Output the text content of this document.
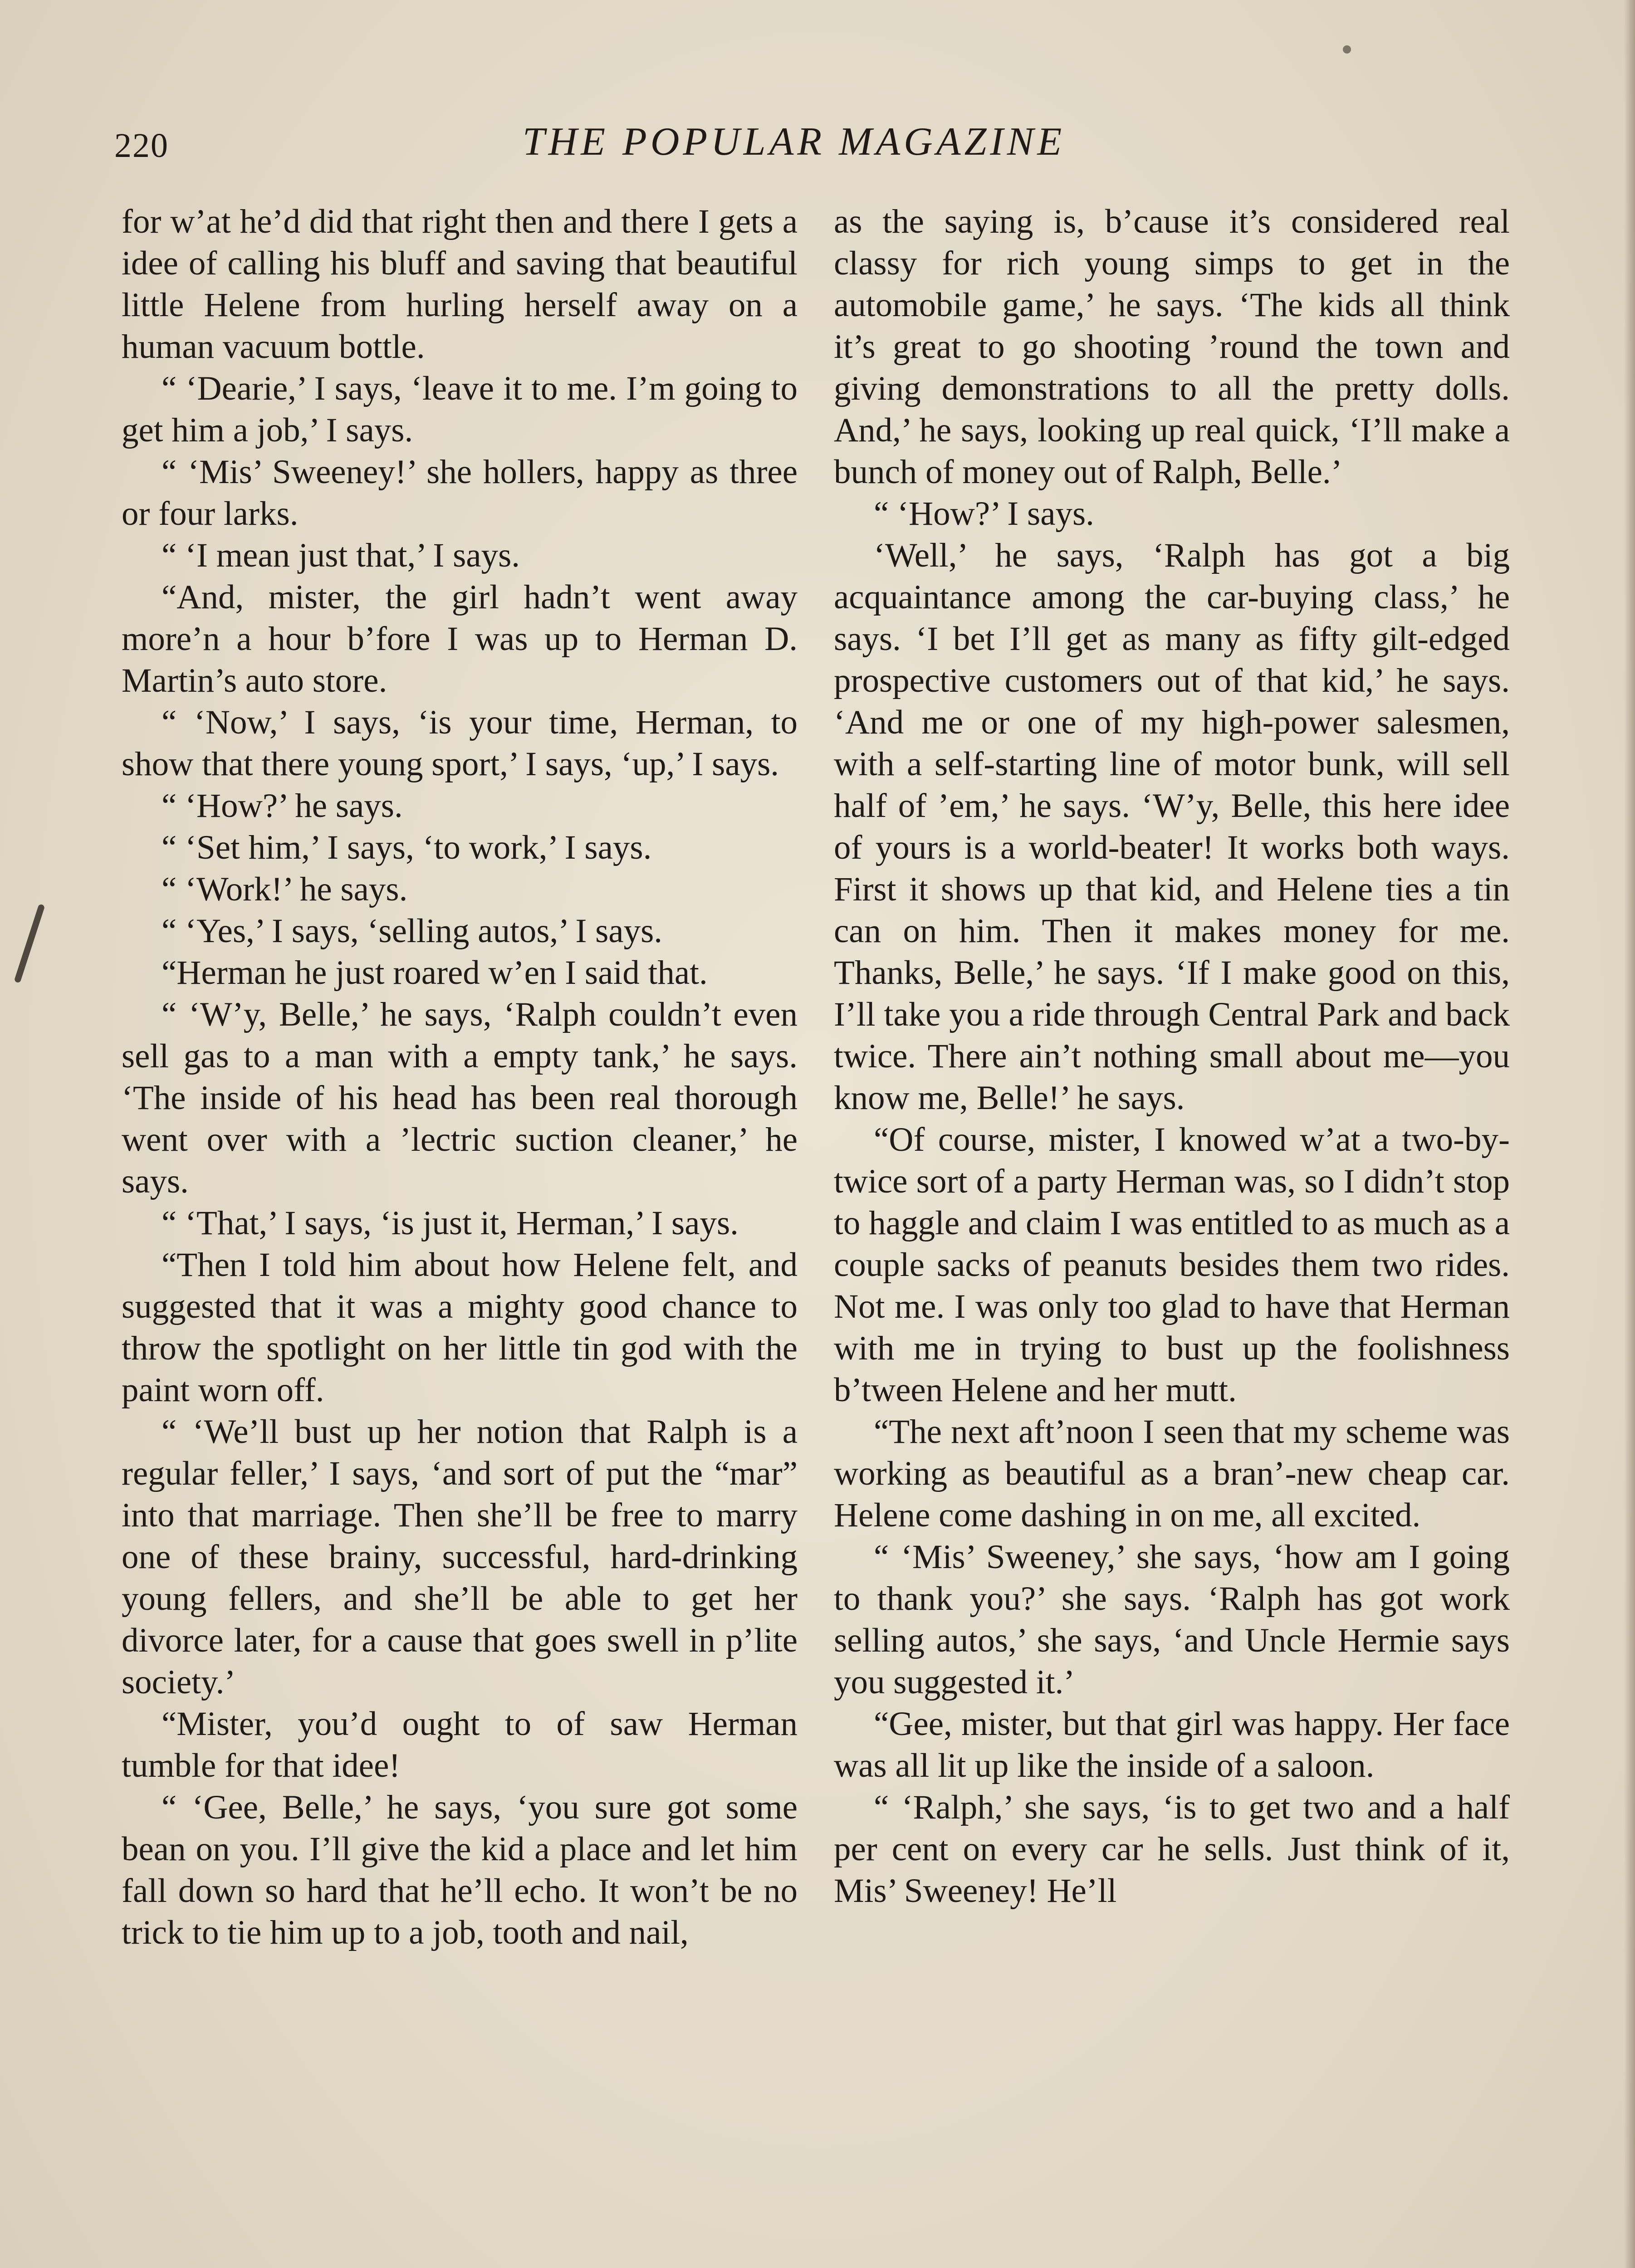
220	THE POPULAR MAGAZINE

for w’at he’d did that right then and there I gets a idee of calling his bluff and saving that beautiful little Helene from hurling herself away on a human vacuum bottle.

“ ‘Dearie,’ I says, ‘leave it to me. I’m going to get him a job,’ I says.

“ ‘Mis’ Sweeney!’ she hollers, happy as three or four larks.

“ ‘I mean just that,’ I says.

“And, mister, the girl hadn’t went away more’n a hour b’fore I was up to Herman D. Martin’s auto store.

“ ‘Now,’ I says, ‘is your time, Herman, to show that there young sport,’ I says, ‘up,’ I says.

“ ‘How?’ he says.

“ ‘Set him,’ I says, ‘to work,’ I says.

“ ‘Work!’ he says.

“ ‘Yes,’ I says, ‘selling autos,’ I says.

“Herman he just roared w’en I said that.

“ ‘W’y, Belle,’ he says, ‘Ralph couldn’t even sell gas to a man with a empty tank,’ he says. ‘The inside of his head has been real thorough went over with a ’lectric suction cleaner,’ he says.

“ ‘That,’ I says, ‘is just it, Herman,’ I says.

“Then I told him about how Helene felt, and suggested that it was a mighty good chance to throw the spotlight on her little tin god with the paint worn off.

“ ‘We’ll bust up her notion that Ralph is a regular feller,’ I says, ‘and sort of put the “mar” into that marriage. Then she’ll be free to marry one of these brainy, successful, hard-drinking young fellers, and she’ll be able to get her divorce later, for a cause that goes swell in p’lite society.’

“Mister, you’d ought to of saw Herman tumble for that idee!

“ ‘Gee, Belle,’ he says, ‘you sure got some bean on you. I’ll give the kid a place and let him fall down so hard that he’ll echo. It won’t be no trick to tie him up to a job, tooth and nail,

as the saying is, b’cause it’s considered real classy for rich young simps to get in the automobile game,’ he says. ‘The kids all think it’s great to go shooting ’round the town and giving demonstrations to all the pretty dolls. And,’ he says, looking up real quick, ‘I’ll make a bunch of money out of Ralph, Belle.’

“ ‘How?’ I says.

‘Well,’ he says, ‘Ralph has got a big acquaintance among the car-buying class,’ he says. ‘I bet I’ll get as many as fifty gilt-edged prospective customers out of that kid,’ he says. ‘And me or one of my high-power salesmen, with a self-starting line of motor bunk, will sell half of ’em,’ he says. ‘W’y, Belle, this here idee of yours is a world-beater! It works both ways. First it shows up that kid, and Helene ties a tin can on him. Then it makes money for me. Thanks, Belle,’ he says. ‘If I make good on this, I’ll take you a ride through Central Park and back twice. There ain’t nothing small about me—you know me, Belle!’ he says.

“Of course, mister, I knowed w’at a two-by-twice sort of a party Herman was, so I didn’t stop to haggle and claim I was entitled to as much as a couple sacks of peanuts besides them two rides. Not me. I was only too glad to have that Herman with me in trying to bust up the foolishness b’tween Helene and her mutt.

“The next aft’noon I seen that my scheme was working as beautiful as a bran’-new cheap car. Helene come dashing in on me, all excited.

“ ‘Mis’ Sweeney,’ she says, ‘how am I going to thank you?’ she says. ‘Ralph has got work selling autos,’ she says, ‘and Uncle Hermie says you suggested it.’

“Gee, mister, but that girl was happy. Her face was all lit up like the inside of a saloon.

“ ‘Ralph,’ she says, ‘is to get two and a half per cent on every car he sells. Just think of it, Mis’ Sweeney! He’ll
